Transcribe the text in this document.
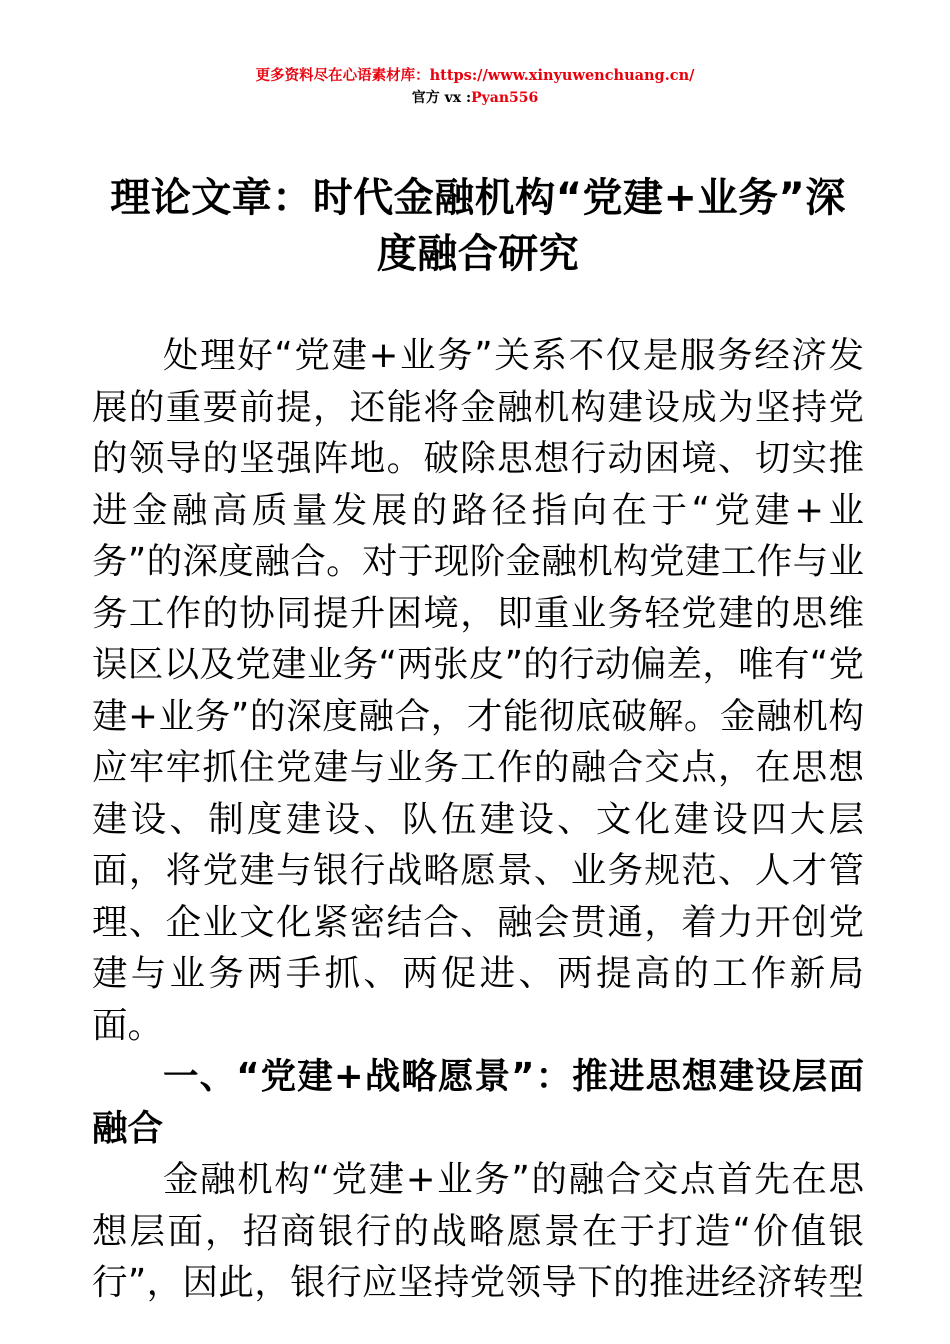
更多资料尽在心语素材库：https://www.xinyuwenchuang.cn/
官方 vx :Pyan556
理论文章：时代金融机构“党建+业务”深度融合研究

处理好“党建+业务”关系不仅是服务经济发展的重要前提，还能将金融机构建设成为坚持党的领导的坚强阵地。破除思想行动困境、切实推进金融高质量发展的路径指向在于“党建+业务”的深度融合。对于现阶金融机构党建工作与业务工作的协同提升困境，即重业务轻党建的思维误区以及党建业务“两张皮”的行动偏差，唯有“党建+业务”的深度融合，才能彻底破解。金融机构应牢牢抓住党建与业务工作的融合交点，在思想建设、制度建设、队伍建设、文化建设四大层面，将党建与银行战略愿景、业务规范、人才管理、企业文化紧密结合、融会贯通，着力开创党建与业务两手抓、两促进、两提高的工作新局面。

一、“党建+战略愿景”：推进思想建设层面融合

金融机构“党建+业务”的融合交点首先在思想层面，招商银行的战略愿景在于打造“价值银行”，因此，银行应坚持党领导下的推进经济转型
